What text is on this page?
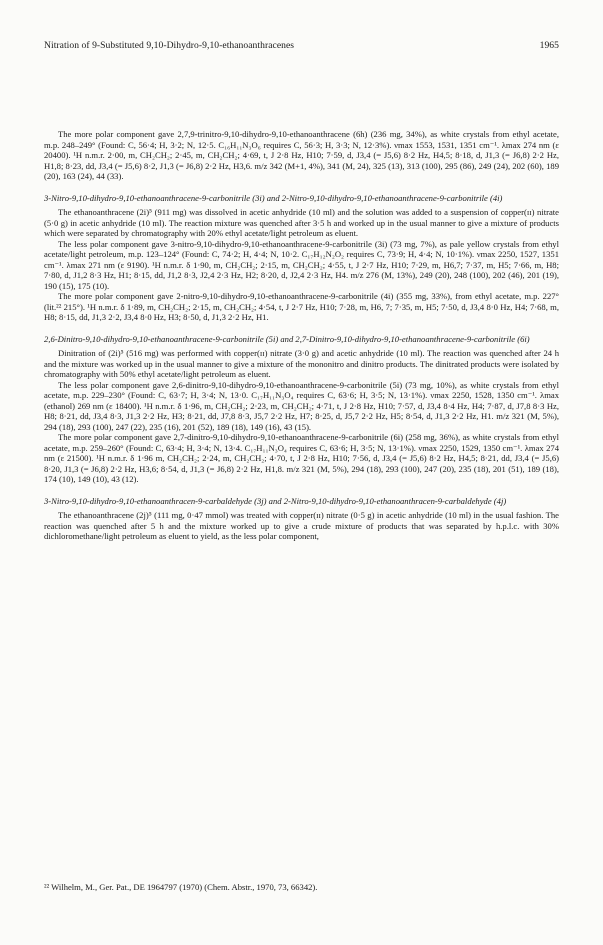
Nitration of 9-Substituted 9,10-Dihydro-9,10-ethanoanthracenes	1965

The more polar component gave 2,7,9-trinitro-9,10-dihydro-9,10-ethanoanthracene (6h) (236 mg, 34%), as white crystals from ethyl acetate, m.p. 248–249° (Found: C, 56·4; H, 3·2; N, 12·5. C₁₆H₁₁N₃O₆ requires C, 56·3; H, 3·3; N, 12·3%). νmax 1553, 1531, 1351 cm⁻¹. λmax 274 nm (ε 20400). ¹H n.m.r. 2·00, m, CH₂CH₂; 2·45, m, CH₂CH₂; 4·69, t, J 2·8 Hz, H10; 7·59, d, J3,4 (= J5,6) 8·2 Hz, H4,5; 8·18, d, J1,3 (= J6,8) 2·2 Hz, H1,8; 8·23, dd, J3,4 (= J5,6) 8·2, J1,3 (= J6,8) 2·2 Hz, H3,6. m/z 342 (M+1, 4%), 341 (M, 24), 325 (13), 313 (100), 295 (86), 249 (24), 202 (60), 189 (20), 163 (24), 44 (33).

3-Nitro-9,10-dihydro-9,10-ethanoanthracene-9-carbonitrile (3i) and 2-Nitro-9,10-dihydro-9,10-ethanoanthracene-9-carbonitrile (4i)

The ethanoanthracene (2i)⁵ (911 mg) was dissolved in acetic anhydride (10 ml) and the solution was added to a suspension of copper(ɪɪ) nitrate (5·0 g) in acetic anhydride (10 ml). The reaction mixture was quenched after 3·5 h and worked up in the usual manner to give a mixture of products which were separated by chromatography with 20% ethyl acetate/light petroleum as eluent.

The less polar component gave 3-nitro-9,10-dihydro-9,10-ethanoanthracene-9-carbonitrile (3i) (73 mg, 7%), as pale yellow crystals from ethyl acetate/light petroleum, m.p. 123–124° (Found: C, 74·2; H, 4·4; N, 10·2. C₁₇H₁₂N₂O₂ requires C, 73·9; H, 4·4; N, 10·1%). νmax 2250, 1527, 1351 cm⁻¹. λmax 271 nm (ε 9190). ¹H n.m.r. δ 1·90, m, CH₂CH₂; 2·15, m, CH₂CH₂; 4·55, t, J 2·7 Hz, H10; 7·29, m, H6,7; 7·37, m, H5; 7·66, m, H8; 7·80, d, J1,2 8·3 Hz, H1; 8·15, dd, J1,2 8·3, J2,4 2·3 Hz, H2; 8·20, d, J2,4 2·3 Hz, H4. m/z 276 (M, 13%), 249 (20), 248 (100), 202 (46), 201 (19), 190 (15), 175 (10).

The more polar component gave 2-nitro-9,10-dihydro-9,10-ethanoanthracene-9-carbonitrile (4i) (355 mg, 33%), from ethyl acetate, m.p. 227° (lit.²² 215°). ¹H n.m.r. δ 1·89, m, CH₂CH₂; 2·15, m, CH₂CH₂; 4·54, t, J 2·7 Hz, H10; 7·28, m, H6, 7; 7·35, m, H5; 7·50, d, J3,4 8·0 Hz, H4; 7·68, m, H8; 8·15, dd, J1,3 2·2, J3,4 8·0 Hz, H3; 8·50, d, J1,3 2·2 Hz, H1.

2,6-Dinitro-9,10-dihydro-9,10-ethanoanthracene-9-carbonitrile (5i) and 2,7-Dinitro-9,10-dihydro-9,10-ethanoanthracene-9-carbonitrile (6i)

Dinitration of (2i)⁵ (516 mg) was performed with copper(ɪɪ) nitrate (3·0 g) and acetic anhydride (10 ml). The reaction was quenched after 24 h and the mixture was worked up in the usual manner to give a mixture of the mononitro and dinitro products. The dinitrated products were isolated by chromatography with 50% ethyl acetate/light petroleum as eluent.

The less polar component gave 2,6-dinitro-9,10-dihydro-9,10-ethanoanthracene-9-carbonitrile (5i) (73 mg, 10%), as white crystals from ethyl acetate, m.p. 229–230° (Found: C, 63·7; H, 3·4; N, 13·0. C₁₇H₁₁N₃O₄ requires C, 63·6; H, 3·5; N, 13·1%). νmax 2250, 1528, 1350 cm⁻¹. λmax (ethanol) 269 nm (ε 18400). ¹H n.m.r. δ 1·96, m, CH₂CH₂; 2·23, m, CH₂CH₂; 4·71, t, J 2·8 Hz, H10; 7·57, d, J3,4 8·4 Hz, H4; 7·87, d, J7,8 8·3 Hz, H8; 8·21, dd, J3,4 8·3, J1,3 2·2 Hz, H3; 8·21, dd, J7,8 8·3, J5,7 2·2 Hz, H7; 8·25, d, J5,7 2·2 Hz, H5; 8·54, d, J1,3 2·2 Hz, H1. m/z 321 (M, 5%), 294 (18), 293 (100), 247 (22), 235 (16), 201 (52), 189 (18), 149 (16), 43 (15).

The more polar component gave 2,7-dinitro-9,10-dihydro-9,10-ethanoanthracene-9-carbonitrile (6i) (258 mg, 36%), as white crystals from ethyl acetate, m.p. 259–260° (Found: C, 63·4; H, 3·4; N, 13·4. C₁₇H₁₁N₃O₄ requires C, 63·6; H, 3·5; N, 13·1%). νmax 2250, 1529, 1350 cm⁻¹. λmax 274 nm (ε 21500). ¹H n.m.r. δ 1·96 m, CH₂CH₂; 2·24, m, CH₂CH₂; 4·70, t, J 2·8 Hz, H10; 7·56, d, J3,4 (= J5,6) 8·2 Hz, H4,5; 8·21, dd, J3,4 (= J5,6) 8·20, J1,3 (= J6,8) 2·2 Hz, H3,6; 8·54, d, J1,3 (= J6,8) 2·2 Hz, H1,8. m/z 321 (M, 5%), 294 (18), 293 (100), 247 (20), 235 (18), 201 (51), 189 (18), 174 (10), 149 (10), 43 (12).

3-Nitro-9,10-dihydro-9,10-ethanoanthracen-9-carbaldehyde (3j) and 2-Nitro-9,10-dihydro-9,10-ethanoanthracen-9-carbaldehyde (4j)

The ethanoanthracene (2j)⁵ (111 mg, 0·47 mmol) was treated with copper(ɪɪ) nitrate (0·5 g) in acetic anhydride (10 ml) in the usual fashion. The reaction was quenched after 5 h and the mixture worked up to give a crude mixture of products that was separated by h.p.l.c. with 30% dichloromethane/light petroleum as eluent to yield, as the less polar component,

²² Wilhelm, M., Ger. Pat., DE 1964797 (1970) (Chem. Abstr., 1970, 73, 66342).
